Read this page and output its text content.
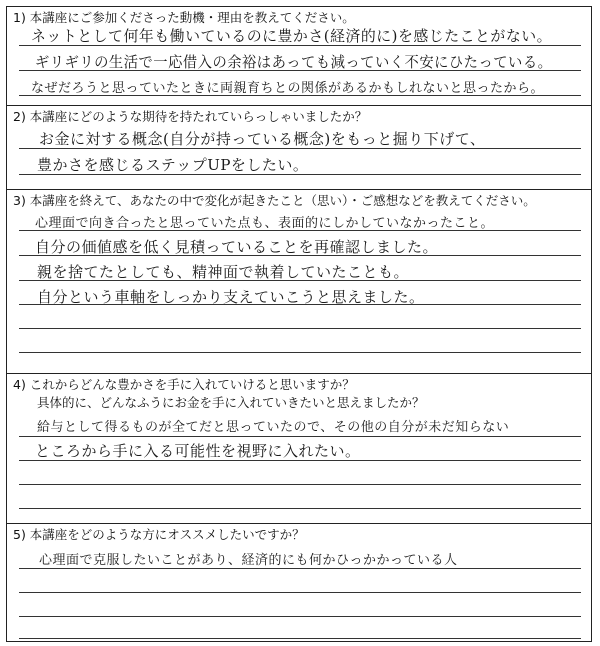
1) 本講座にご参加くださった動機・理由を教えてください。
ネットとして何年も働いているのに豊かさ(経済的に)を感じたことがない。
ギリギリの生活で一応借入の余裕はあっても減っていく不安にひたっている。
なぜだろうと思っていたときに両親育ちとの関係があるかもしれないと思ったから。
2) 本講座にどのような期待を持たれていらっしゃいましたか？
お金に対する概念(自分が持っている概念)をもっと掘り下げて、
豊かさを感じるステップUPをしたい。
3) 本講座を終えて、あなたの中で変化が起きたこと（思い）・ご感想などを教えてください。
心理面で向き合ったと思っていた点も、表面的にしかしていなかったこと。
自分の価値感を低く見積っていることを再確認しました。
親を捨てたとしても、精神面で執着していたことも。
自分という車軸をしっかり支えていこうと思えました。
4) これからどんな豊かさを手に入れていけると思いますか？
具体的に、どんなふうにお金を手に入れていきたいと思えましたか？
給与として得るものが全てだと思っていたので、その他の自分が未だ知らない
ところから手に入る可能性を視野に入れたい。
5) 本講座をどのような方にオススメしたいですか？
心理面で克服したいことがあり、経済的にも何かひっかかっている人
